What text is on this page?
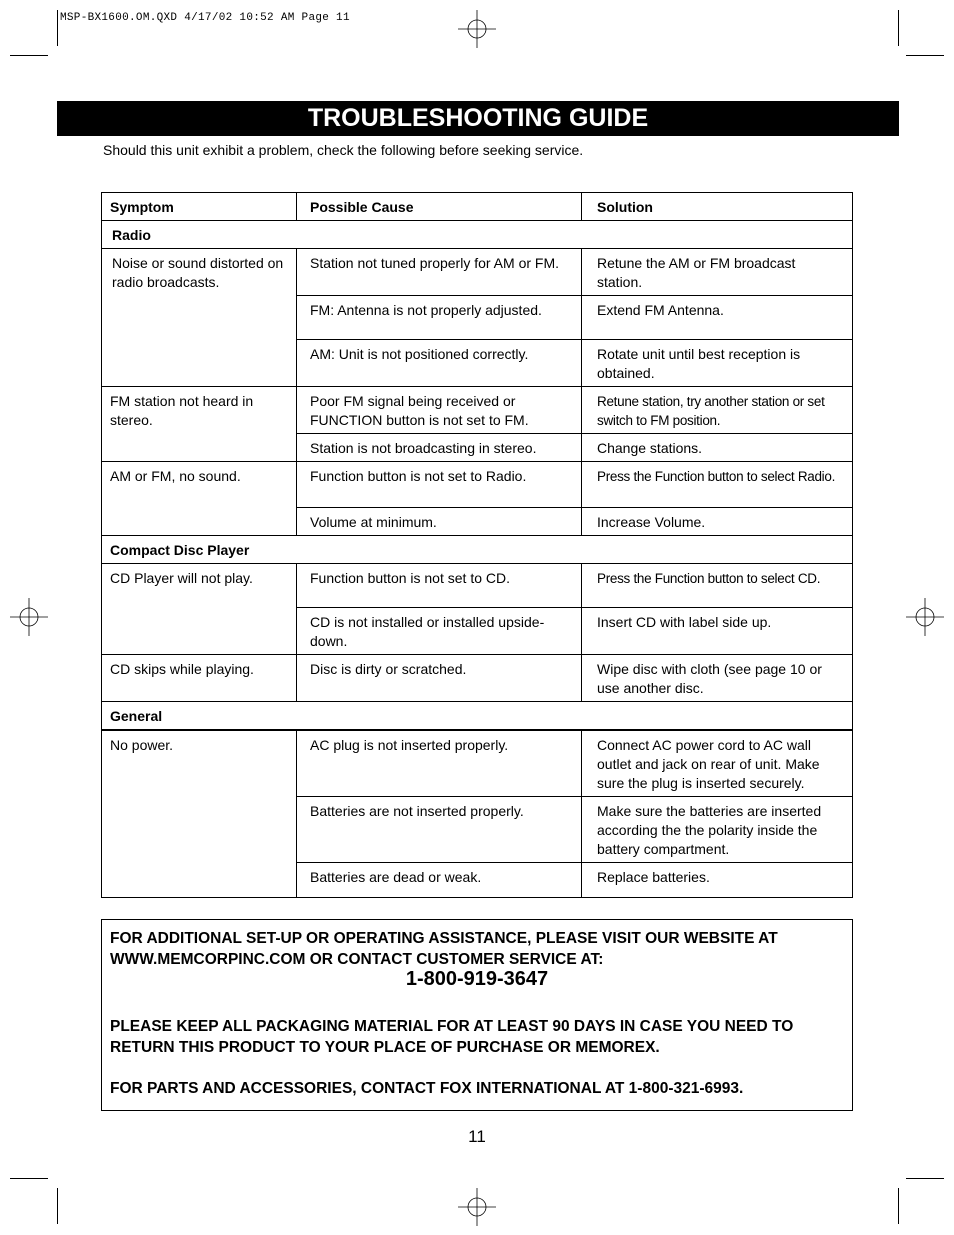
MSP-BX1600.OM.QXD 4/17/02 10:52 AM Page 11
TROUBLESHOOTING GUIDE
Should this unit exhibit a problem, check the following before seeking service.
Symptom	Possible Cause	Solution
Radio		
Noise or sound distorted on radio broadcasts.	Station not tuned properly for AM or FM.	Retune the AM or FM broadcast station.
	FM: Antenna is not properly adjusted.	Extend FM Antenna.
	AM: Unit is not positioned correctly.	Rotate unit until best reception is obtained.
FM station not heard in stereo.	Poor FM signal being received or FUNCTION button is not set to FM.	Retune station, try another station or set switch to FM position.
	Station is not broadcasting in stereo.	Change stations.
AM or FM, no sound.	Function button is not set to Radio.	Press the Function button to select Radio.
	Volume at minimum.	Increase Volume.
Compact Disc Player		
CD Player will not play.	Function button is not set to CD.	Press the Function button to select CD.
	CD is not installed or installed upside-down.	Insert CD with label side up.
CD skips while playing.	Disc is dirty or scratched.	Wipe disc with cloth (see page 10 or use another disc.
General		
No power.	AC plug is not inserted properly.	Connect AC power cord to AC wall outlet and jack on rear of unit. Make sure the plug is inserted securely.
	Batteries are not inserted properly.	Make sure the batteries are inserted according the the polarity inside the battery compartment.
	Batteries are dead or weak.	Replace batteries.

FOR ADDITIONAL SET-UP OR OPERATING ASSISTANCE, PLEASE VISIT OUR WEBSITE AT WWW.MEMCORPINC.COM OR CONTACT CUSTOMER SERVICE AT:

1-800-919-3647

PLEASE KEEP ALL PACKAGING MATERIAL FOR AT LEAST 90 DAYS IN CASE YOU NEED TO RETURN THIS PRODUCT TO YOUR PLACE OF PURCHASE OR MEMOREX.

FOR PARTS AND ACCESSORIES, CONTACT FOX INTERNATIONAL AT 1-800-321-6993.

11
